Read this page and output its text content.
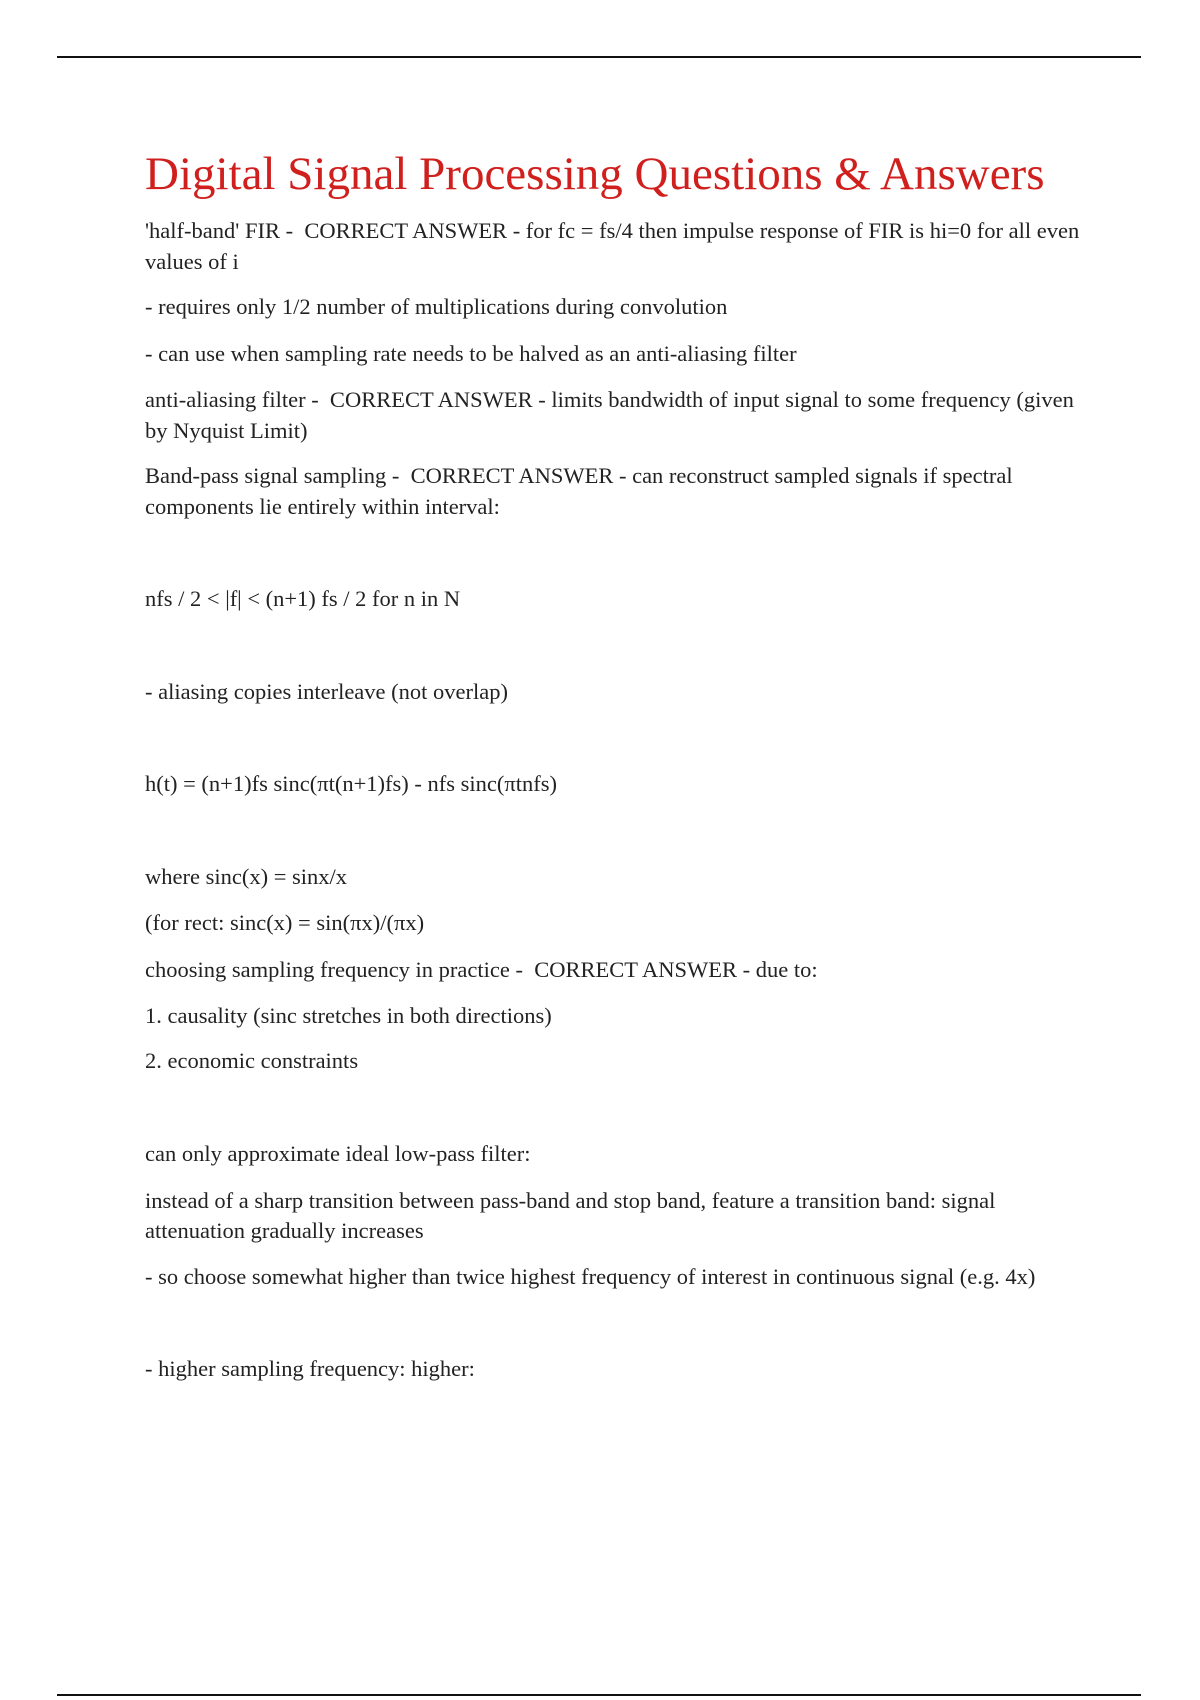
Digital Signal Processing Questions & Answers

'half-band' FIR -  CORRECT ANSWER - for fc = fs/4 then impulse response of FIR is hi=0 for all even values of i

- requires only 1/2 number of multiplications during convolution

- can use when sampling rate needs to be halved as an anti-aliasing filter

anti-aliasing filter -  CORRECT ANSWER - limits bandwidth of input signal to some frequency (given by Nyquist Limit)

Band-pass signal sampling -  CORRECT ANSWER - can reconstruct sampled signals if spectral components lie entirely within interval:

nfs / 2 < |f| < (n+1) fs / 2 for n in N

- aliasing copies interleave (not overlap)

h(t) = (n+1)fs sinc(πt(n+1)fs) - nfs sinc(πtnfs)

where sinc(x) = sinx/x

(for rect: sinc(x) = sin(πx)/(πx)

choosing sampling frequency in practice -  CORRECT ANSWER - due to:

1. causality (sinc stretches in both directions)

2. economic constraints

can only approximate ideal low-pass filter:

instead of a sharp transition between pass-band and stop band, feature a transition band: signal attenuation gradually increases

- so choose somewhat higher than twice highest frequency of interest in continuous signal (e.g. 4x)

- higher sampling frequency: higher:
